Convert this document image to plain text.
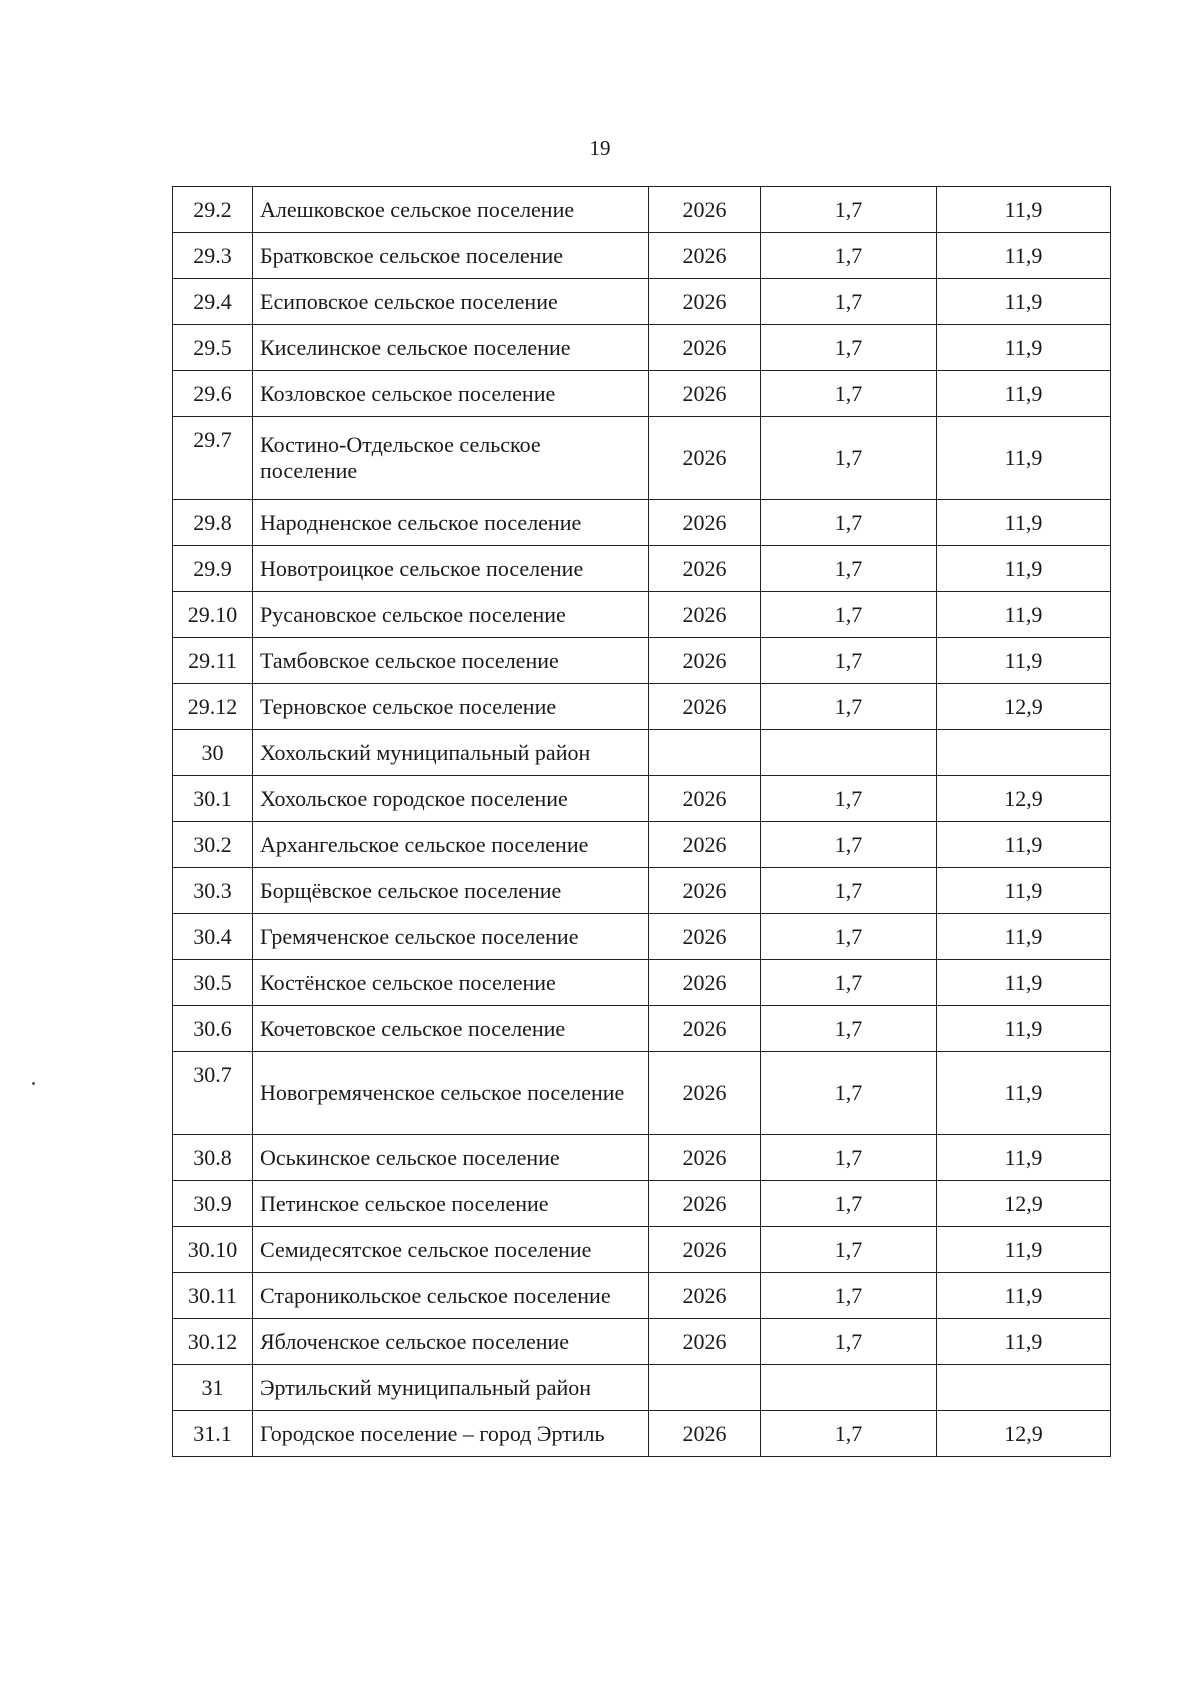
19
29.2	Алешковское сельское поселение	2026	1,7	11,9
29.3	Братковское сельское поселение	2026	1,7	11,9
29.4	Есиповское сельское поселение	2026	1,7	11,9
29.5	Киселинское сельское поселение	2026	1,7	11,9
29.6	Козловское сельское поселение	2026	1,7	11,9
29.7	Костино-Отдельское сельское поселение	2026	1,7	11,9
29.8	Народненское сельское поселение	2026	1,7	11,9
29.9	Новотроицкое сельское поселение	2026	1,7	11,9
29.10	Русановское сельское поселение	2026	1,7	11,9
29.11	Тамбовское сельское поселение	2026	1,7	11,9
29.12	Терновское сельское поселение	2026	1,7	12,9
30	Хохольский муниципальный район			
30.1	Хохольское городское поселение	2026	1,7	12,9
30.2	Архангельское сельское поселение	2026	1,7	11,9
30.3	Борщёвское сельское поселение	2026	1,7	11,9
30.4	Гремяченское сельское поселение	2026	1,7	11,9
30.5	Костёнское сельское поселение	2026	1,7	11,9
30.6	Кочетовское сельское поселение	2026	1,7	11,9
30.7	Новогремяченское сельское поселение	2026	1,7	11,9
30.8	Оськинское сельское поселение	2026	1,7	11,9
30.9	Петинское сельское поселение	2026	1,7	12,9
30.10	Семидесятское сельское поселение	2026	1,7	11,9
30.11	Староникольское сельское поселение	2026	1,7	11,9
30.12	Яблоченское сельское поселение	2026	1,7	11,9
31	Эртильский муниципальный район			
31.1	Городское поселение – город Эртиль	2026	1,7	12,9
